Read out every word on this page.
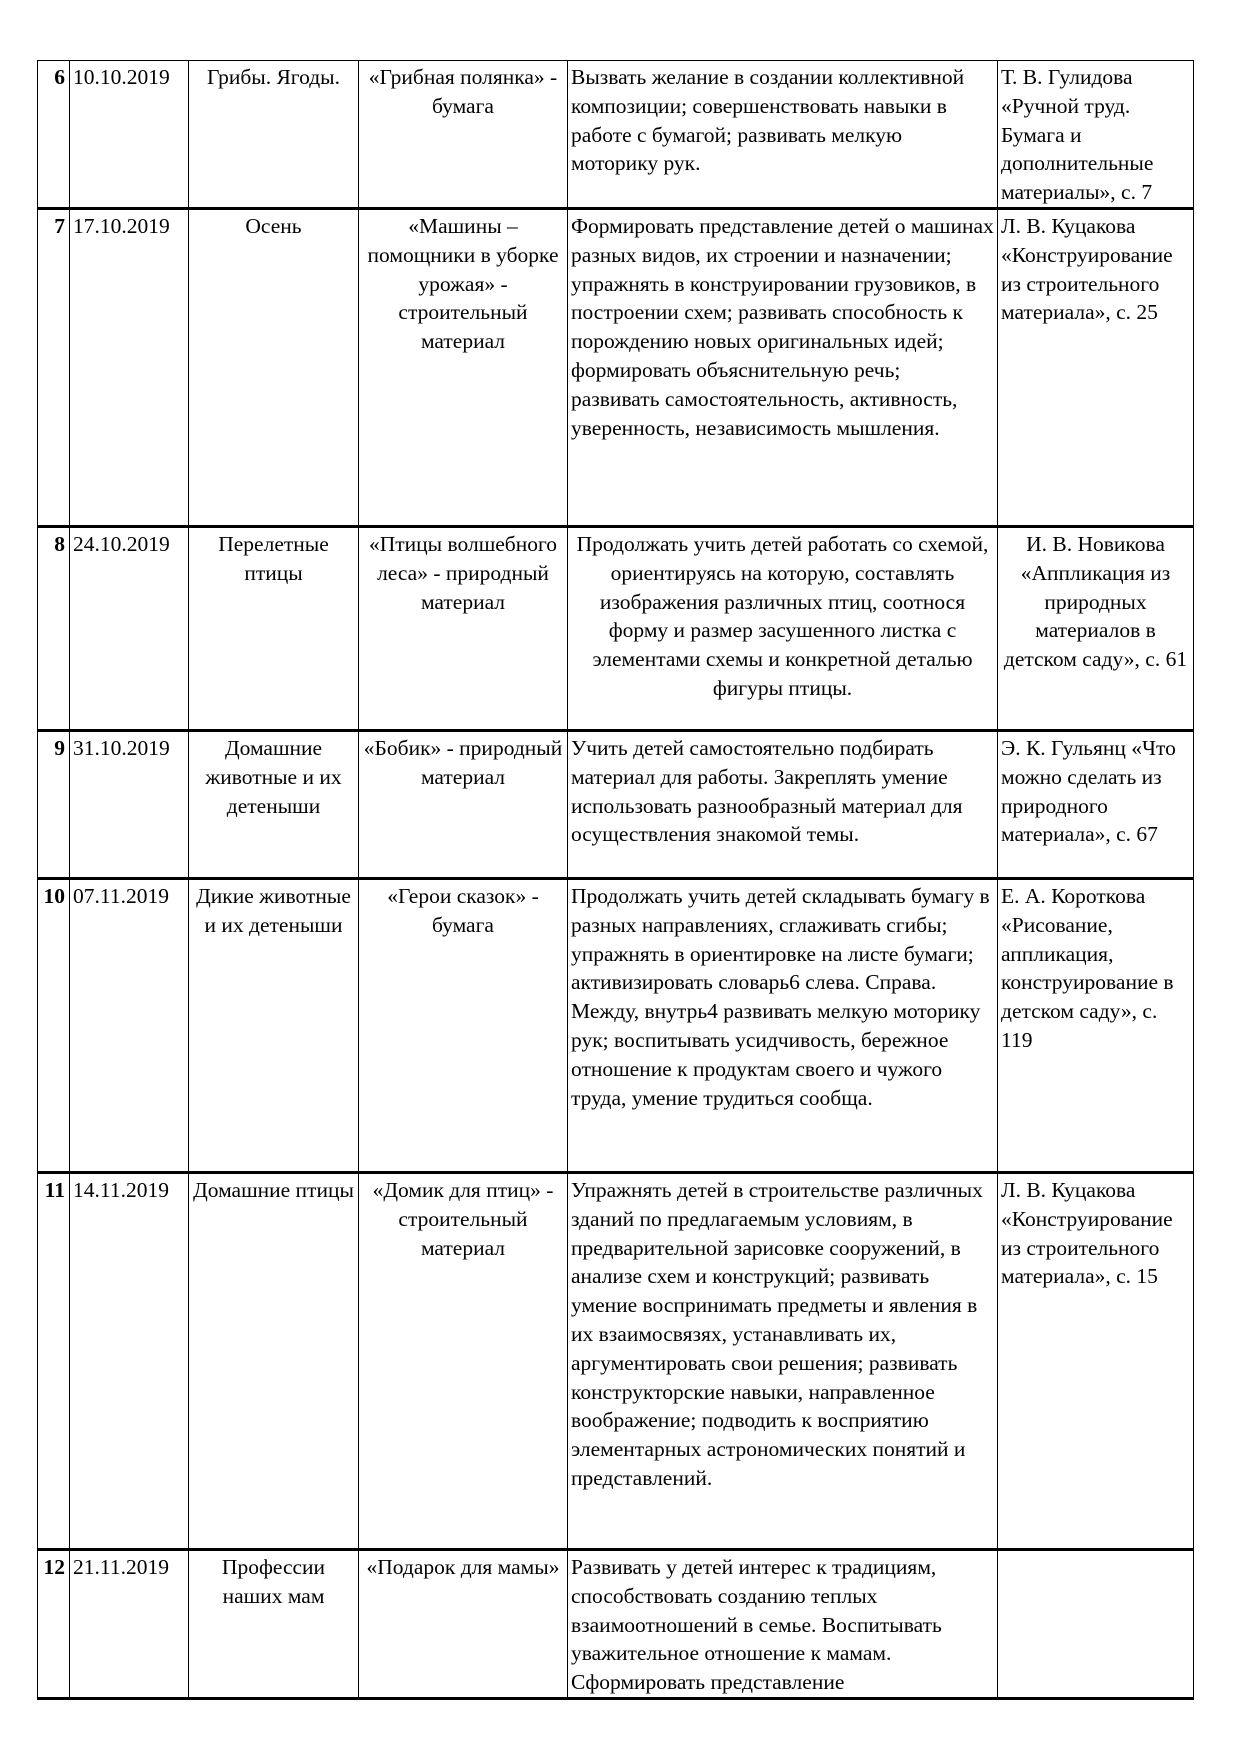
6	10.10.2019	Грибы. Ягоды.	«Грибная полянка» - бумага	Вызвать желание в создании коллективной композиции; совершенствовать навыки в работе с бумагой; развивать мелкую моторику рук.	Т. В. Гулидова «Ручной труд. Бумага и дополнительные материалы», с. 7
7	17.10.2019	Осень	«Машины – помощники в уборке урожая» - строительный материал	Формировать представление детей о машинах разных видов, их строении и назначении; упражнять в конструировании грузовиков, в построении схем; развивать способность к порождению новых оригинальных идей; формировать объяснительную речь; развивать самостоятельность, активность, уверенность, независимость мышления.	Л. В. Куцакова «Конструирование из строительного материала», с. 25
8	24.10.2019	Перелетные птицы	«Птицы волшебного леса» - природный материал	Продолжать учить детей работать со схемой, ориентируясь на которую, составлять изображения различных птиц, соотнося форму и размер засушенного листка с элементами схемы и конкретной деталью фигуры птицы.	И. В. Новикова «Аппликация из природных материалов в детском саду», с. 61
9	31.10.2019	Домашние животные и их детеныши	«Бобик» - природный материал	Учить детей самостоятельно подбирать материал для работы. Закреплять умение использовать разнообразный материал для осуществления знакомой темы.	Э. К. Гульянц «Что можно сделать из природного материала», с. 67
10	07.11.2019	Дикие животные и их детеныши	«Герои сказок» - бумага	Продолжать учить детей складывать бумагу в разных направлениях, сглаживать сгибы; упражнять в ориентировке на листе бумаги; активизировать словарь6 слева. Справа. Между, внутрь4 развивать мелкую моторику рук; воспитывать усидчивость, бережное отношение к продуктам своего и чужого труда, умение трудиться сообща.	Е. А. Короткова «Рисование, аппликация, конструирование в детском саду», с. 119
11	14.11.2019	Домашние птицы	«Домик для птиц» - строительный материал	Упражнять детей в строительстве различных зданий по предлагаемым условиям, в предварительной зарисовке сооружений, в анализе схем и конструкций; развивать умение воспринимать предметы и явления в их взаимосвязях, устанавливать их, аргументировать свои решения; развивать конструкторские навыки, направленное воображение; подводить к восприятию элементарных астрономических понятий и представлений.	Л. В. Куцакова «Конструирование из строительного материала», с. 15
12	21.11.2019	Профессии наших мам	«Подарок для мамы»	Развивать у детей интерес к традициям, способствовать созданию теплых взаимоотношений в семье. Воспитывать уважительное отношение к мамам. Сформировать представление	
